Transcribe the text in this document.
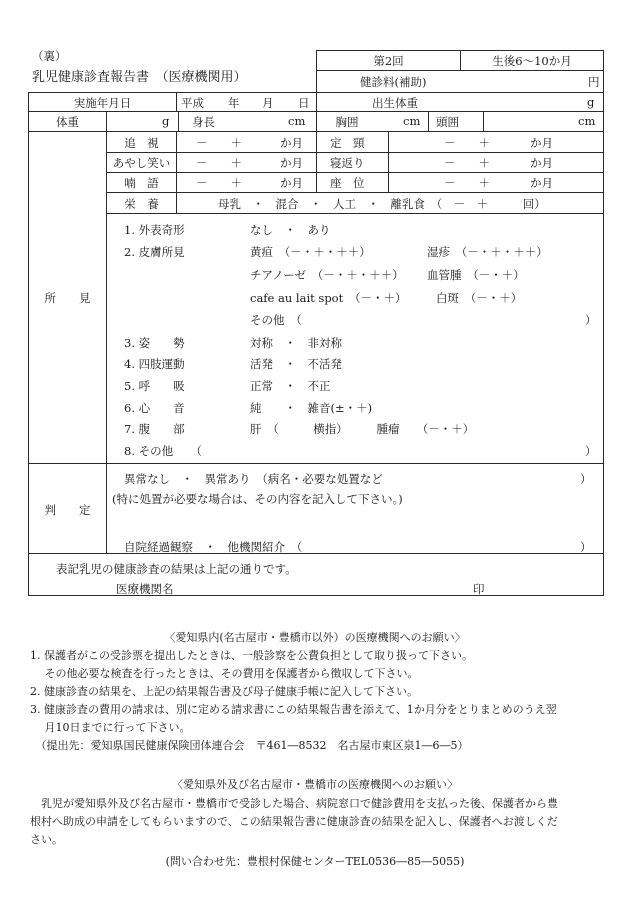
（裏）
乳児健康診査報告書　（医療機関用）
第2回	生後6〜10か月
健診料(補助)	円
実施年月日	平成 年 月 日	出生体重	g
体重	g 身長	cm	胸囲	cm 頭囲	cm
追　視	－　　＋	か月 定　頸	－　　＋	か月
あやし笑い	－　　＋	か月 寝返り	－　　＋	か月
喃　語	－　　＋	か月 座　位	－　　＋	か月
栄　養	母乳　・　混合　・　人工　・　離乳食　（　－　＋　　　回）
所　　見
1. 外表奇形	なし　・　あり
2. 皮膚所見	黄疸　（－・＋・＋＋）	湿疹　（－・＋・＋＋）
チアノーゼ　（－・＋・＋＋） 血管腫　（－・＋）
cafe au lait spot　（－・＋）	白斑　（－・＋）
その他　（	）
3. 姿　　勢	対称　・　非対称
4. 四肢運動	活発　・　不活発
5. 呼　　吸	正常　・　不正
6. 心　　音	純　　・　雑音(±・＋)
7. 腹　　部	肝　（　　　横指）　　　腫瘤　　（－・＋）
8. その他　　（	）
判　　定
異常なし　・　異常あり　（病名・必要な処置など	）
(特に処置が必要な場合は、その内容を記入して下さい。)
自院経過観察　・　他機関紹介　（	）
表記乳児の健康診査の結果は上記の通りです。
医療機関名	印
〈愛知県内(名古屋市・豊橋市以外）の医療機関へのお願い〉
1. 保護者がこの受診票を提出したときは、一般診察を公費負担として取り扱って下さい。
　 その他必要な検査を行ったときは、その費用を保護者から徴収して下さい。
2. 健康診査の結果を、上記の結果報告書及び母子健康手帳に記入して下さい。
3. 健康診査の費用の請求は、別に定める請求書にこの結果報告書を添えて、1か月分をとりまとめのうえ翌
　 月10日までに行って下さい。
　（提出先：愛知県国民健康保険団体連合会　〒461―8532　名古屋市東区泉1―6―5）
〈愛知県外及び名古屋市・豊橋市の医療機関へのお願い〉
　乳児が愛知県外及び名古屋市・豊橋市で受診した場合、病院窓口で健診費用を支払った後、保護者から豊
根村へ助成の申請をしてもらいますので、この結果報告書に健康診査の結果を記入し、保護者へお渡しくだ
さい。
(問い合わせ先：豊根村保健センターTEL0536―85―5055)
